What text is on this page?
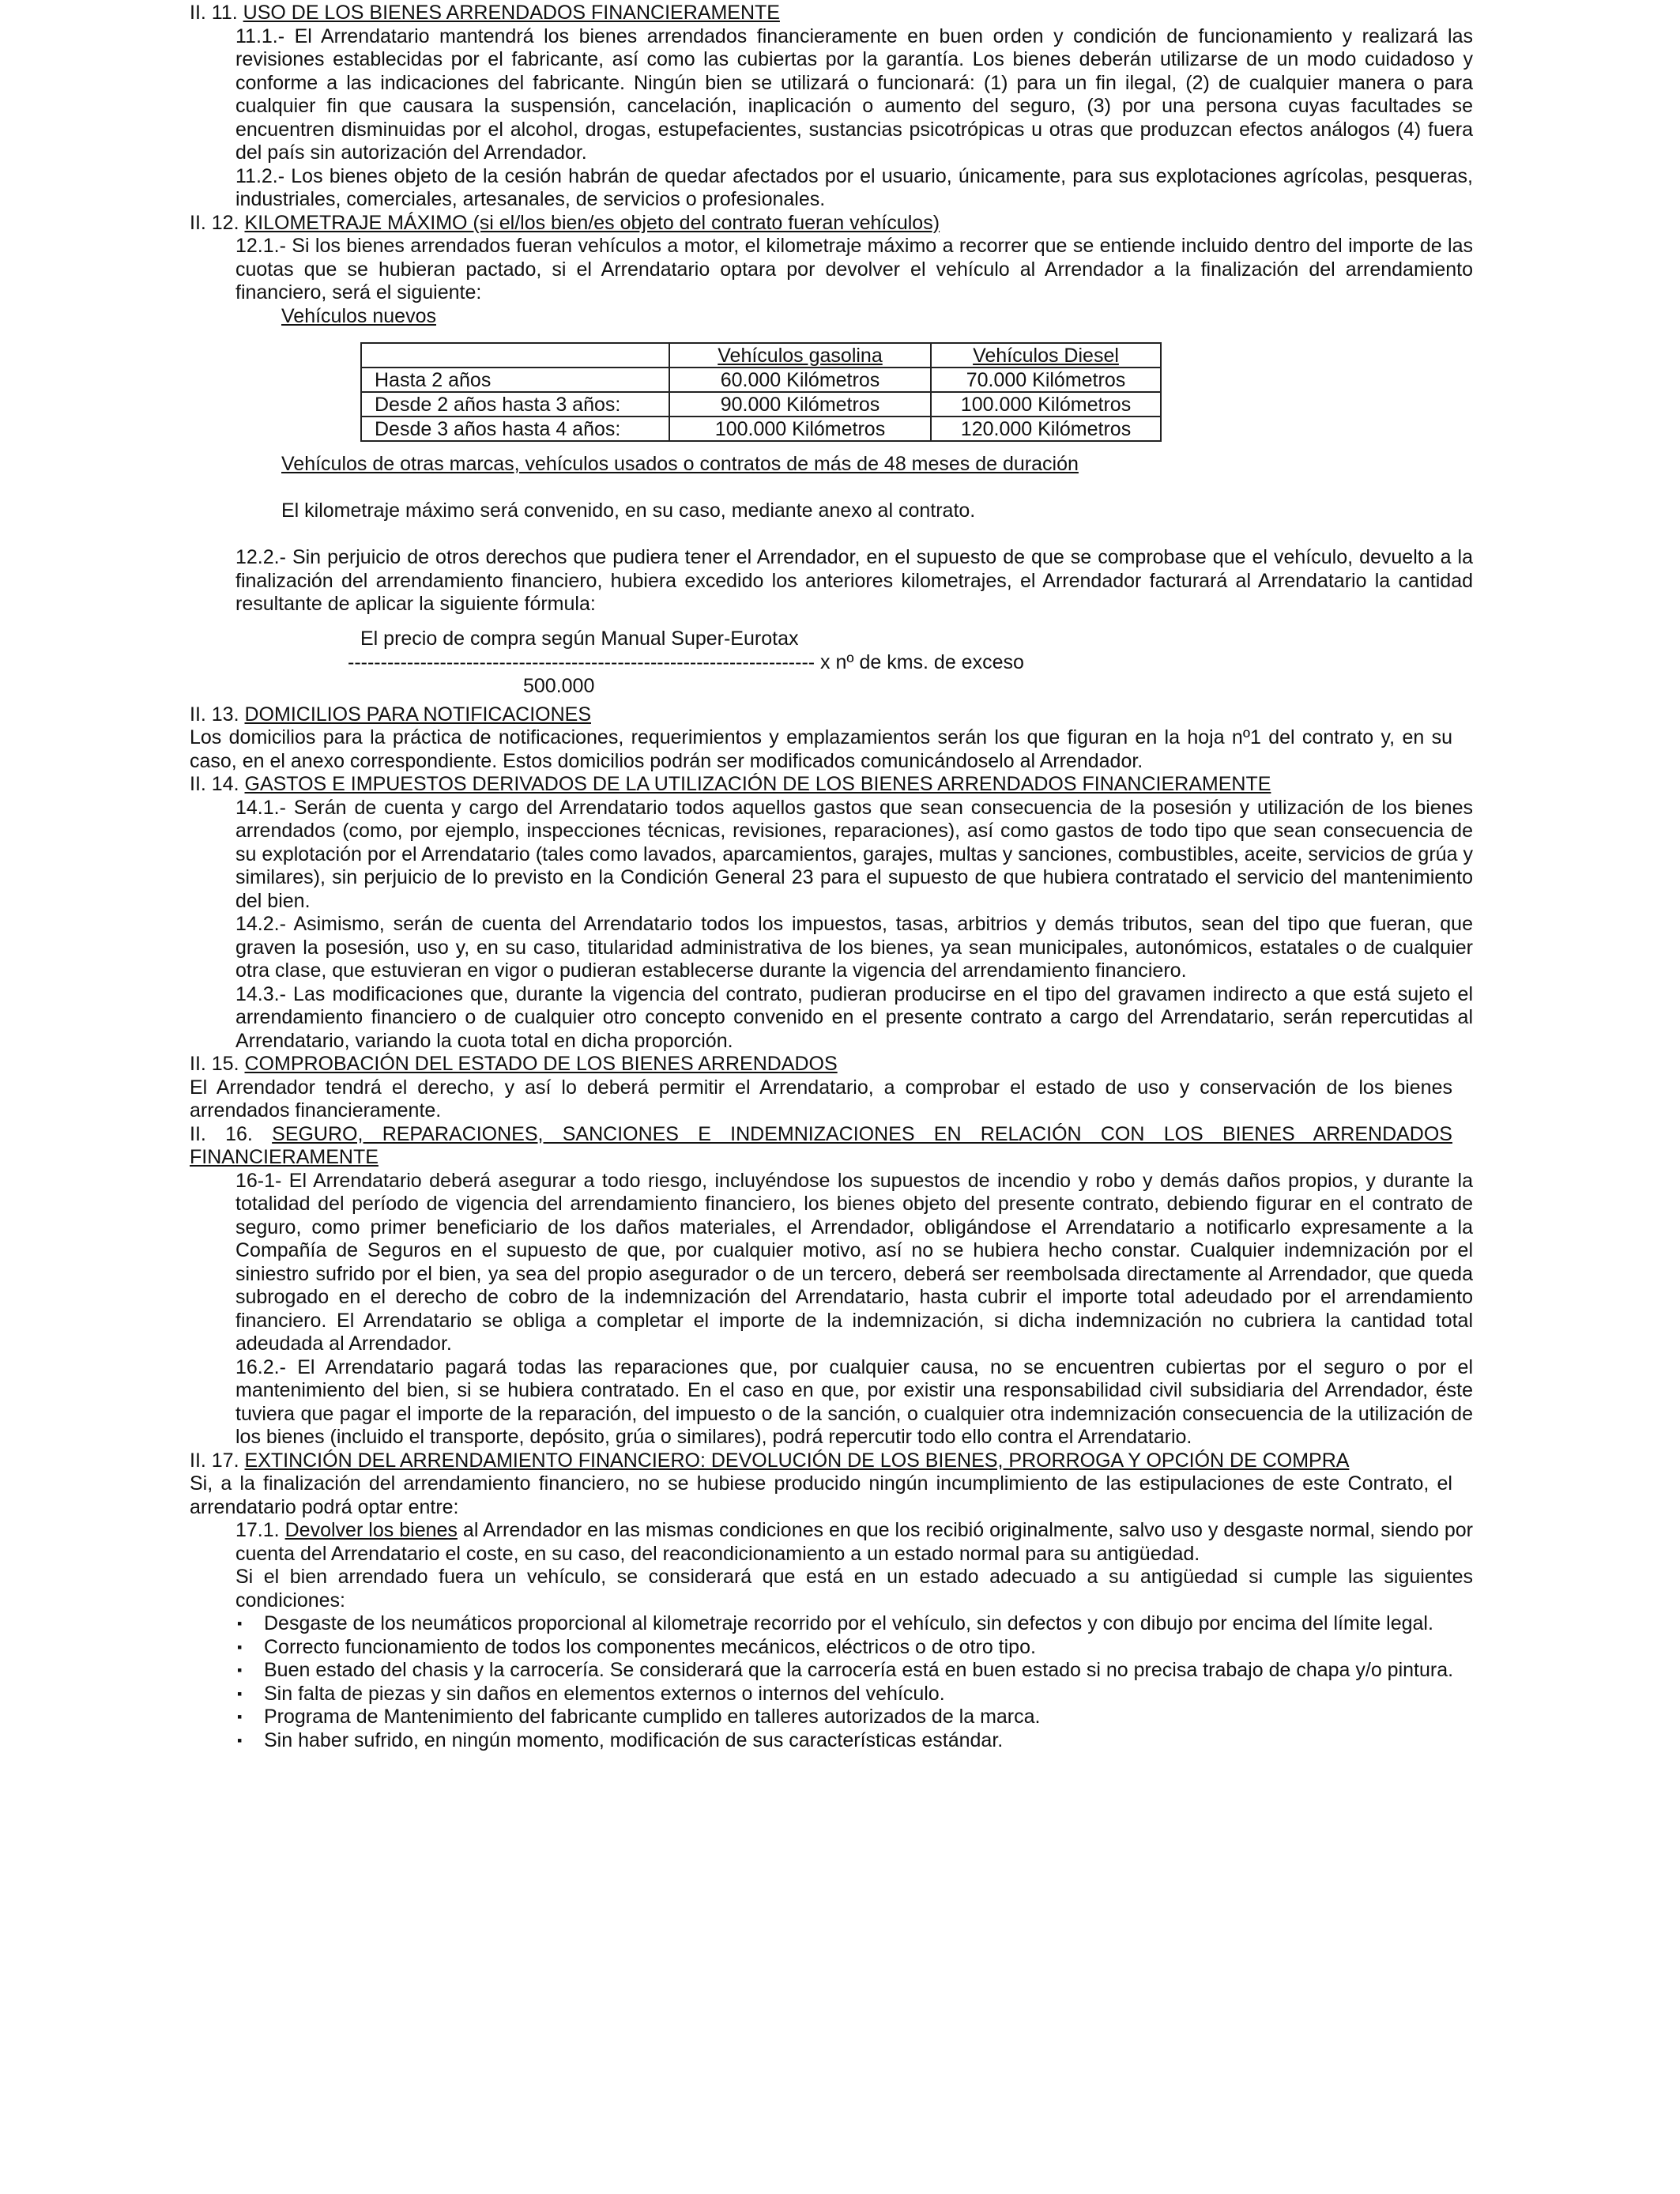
II. 11. USO DE LOS BIENES ARRENDADOS FINANCIERAMENTE

11.1.- El Arrendatario mantendrá los bienes arrendados financieramente en buen orden y condición de funcionamiento y realizará las revisiones establecidas por el fabricante, así como las cubiertas por la garantía. Los bienes deberán utilizarse de un modo cuidadoso y conforme a las indicaciones del fabricante. Ningún bien se utilizará o funcionará: (1) para un fin ilegal, (2) de cualquier manera o para cualquier fin que causara la suspensión, cancelación, inaplicación o aumento del seguro, (3) por una persona cuyas facultades se encuentren disminuidas por el alcohol, drogas, estupefacientes, sustancias psicotrópicas u otras que produzcan efectos análogos (4) fuera del país sin autorización del Arrendador.

11.2.- Los bienes objeto de la cesión habrán de quedar afectados por el usuario, únicamente, para sus explotaciones agrícolas, pesqueras, industriales, comerciales, artesanales, de servicios o profesionales.

II. 12. KILOMETRAJE MÁXIMO (si el/los bien/es objeto del contrato fueran vehículos)

12.1.- Si los bienes arrendados fueran vehículos a motor, el kilometraje máximo a recorrer que se entiende incluido dentro del importe de las cuotas que se hubieran pactado, si el Arrendatario optara por devolver el vehículo al Arrendador a la finalización del arrendamiento financiero, será el siguiente:

Vehículos nuevos
	Vehículos gasolina	Vehículos Diesel
Hasta 2 años	60.000 Kilómetros	70.000 Kilómetros
Desde 2 años hasta 3 años:	90.000 Kilómetros	100.000 Kilómetros
Desde 3 años hasta 4 años:	100.000 Kilómetros	120.000 Kilómetros
Vehículos de otras marcas, vehículos usados o contratos de más de 48 meses de duración
El kilometraje máximo será convenido, en su caso, mediante anexo al contrato.

12.2.- Sin perjuicio de otros derechos que pudiera tener el Arrendador, en el supuesto de que se comprobase que el vehículo, devuelto a la finalización del arrendamiento financiero, hubiera excedido los anteriores kilometrajes, el Arrendador facturará al Arrendatario la cantidad resultante de aplicar la siguiente fórmula:

El precio de compra según Manual Super-Eurotax
----------------------------------------------------------------------- x nº de kms. de exceso
500.000
II. 13. DOMICILIOS PARA NOTIFICACIONES

Los domicilios para la práctica de notificaciones, requerimientos y emplazamientos serán los que figuran en la hoja nº1 del contrato y, en su caso, en el anexo correspondiente. Estos domicilios podrán ser modificados comunicándoselo al Arrendador.

II. 14. GASTOS E IMPUESTOS DERIVADOS DE LA UTILIZACIÓN DE LOS BIENES ARRENDADOS FINANCIERAMENTE

14.1.- Serán de cuenta y cargo del Arrendatario todos aquellos gastos que sean consecuencia de la posesión y utilización de los bienes arrendados (como, por ejemplo, inspecciones técnicas, revisiones, reparaciones), así como gastos de todo tipo que sean consecuencia de su explotación por el Arrendatario (tales como lavados, aparcamientos, garajes, multas y sanciones, combustibles, aceite, servicios de grúa y similares), sin perjuicio de lo previsto en la Condición General 23 para el supuesto de que hubiera contratado el servicio del mantenimiento del bien.

14.2.- Asimismo, serán de cuenta del Arrendatario todos los impuestos, tasas, arbitrios y demás tributos, sean del tipo que fueran, que graven la posesión, uso y, en su caso, titularidad administrativa de los bienes, ya sean municipales, autonómicos, estatales o de cualquier otra clase, que estuvieran en vigor o pudieran establecerse durante la vigencia del arrendamiento financiero.

14.3.- Las modificaciones que, durante la vigencia del contrato, pudieran producirse en el tipo del gravamen indirecto a que está sujeto el arrendamiento financiero o de cualquier otro concepto convenido en el presente contrato a cargo del Arrendatario, serán repercutidas al Arrendatario, variando la cuota total en dicha proporción.

II. 15. COMPROBACIÓN DEL ESTADO DE LOS BIENES ARRENDADOS

El Arrendador tendrá el derecho, y así lo deberá permitir el Arrendatario, a comprobar el estado de uso y conservación de los bienes arrendados financieramente.

II. 16. SEGURO, REPARACIONES, SANCIONES E INDEMNIZACIONES EN RELACIÓN CON LOS BIENES ARRENDADOS FINANCIERAMENTE

16-1- El Arrendatario deberá asegurar a todo riesgo, incluyéndose los supuestos de incendio y robo y demás daños propios, y durante la totalidad del período de vigencia del arrendamiento financiero, los bienes objeto del presente contrato, debiendo figurar en el contrato de seguro, como primer beneficiario de los daños materiales, el Arrendador, obligándose el Arrendatario a notificarlo expresamente a la Compañía de Seguros en el supuesto de que, por cualquier motivo, así no se hubiera hecho constar. Cualquier indemnización por el siniestro sufrido por el bien, ya sea del propio asegurador o de un tercero, deberá ser reembolsada directamente al Arrendador, que queda subrogado en el derecho de cobro de la indemnización del Arrendatario, hasta cubrir el importe total adeudado por el arrendamiento financiero. El Arrendatario se obliga a completar el importe de la indemnización, si dicha indemnización no cubriera la cantidad total adeudada al Arrendador.

16.2.- El Arrendatario pagará todas las reparaciones que, por cualquier causa, no se encuentren cubiertas por el seguro o por el mantenimiento del bien, si se hubiera contratado. En el caso en que, por existir una responsabilidad civil subsidiaria del Arrendador, éste tuviera que pagar el importe de la reparación, del impuesto o de la sanción, o cualquier otra indemnización consecuencia de la utilización de los bienes (incluido el transporte, depósito, grúa o similares), podrá repercutir todo ello contra el Arrendatario.

II. 17. EXTINCIÓN DEL ARRENDAMIENTO FINANCIERO: DEVOLUCIÓN DE LOS BIENES, PRORROGA Y OPCIÓN DE COMPRA

Si, a la finalización del arrendamiento financiero, no se hubiese producido ningún incumplimiento de las estipulaciones de este Contrato, el arrendatario podrá optar entre:

17.1. Devolver los bienes al Arrendador en las mismas condiciones en que los recibió originalmente, salvo uso y desgaste normal, siendo por cuenta del Arrendatario el coste, en su caso, del reacondicionamiento a un estado normal para su antigüedad.

Si el bien arrendado fuera un vehículo, se considerará que está en un estado adecuado a su antigüedad si cumple las siguientes condiciones:

▪ Desgaste de los neumáticos proporcional al kilometraje recorrido por el vehículo, sin defectos y con dibujo por encima del límite legal.
▪ Correcto funcionamiento de todos los componentes mecánicos, eléctricos o de otro tipo.
▪ Buen estado del chasis y la carrocería. Se considerará que la carrocería está en buen estado si no precisa trabajo de chapa y/o pintura.
▪ Sin falta de piezas y sin daños en elementos externos o internos del vehículo.
▪ Programa de Mantenimiento del fabricante cumplido en talleres autorizados de la marca.
▪ Sin haber sufrido, en ningún momento, modificación de sus características estándar.
